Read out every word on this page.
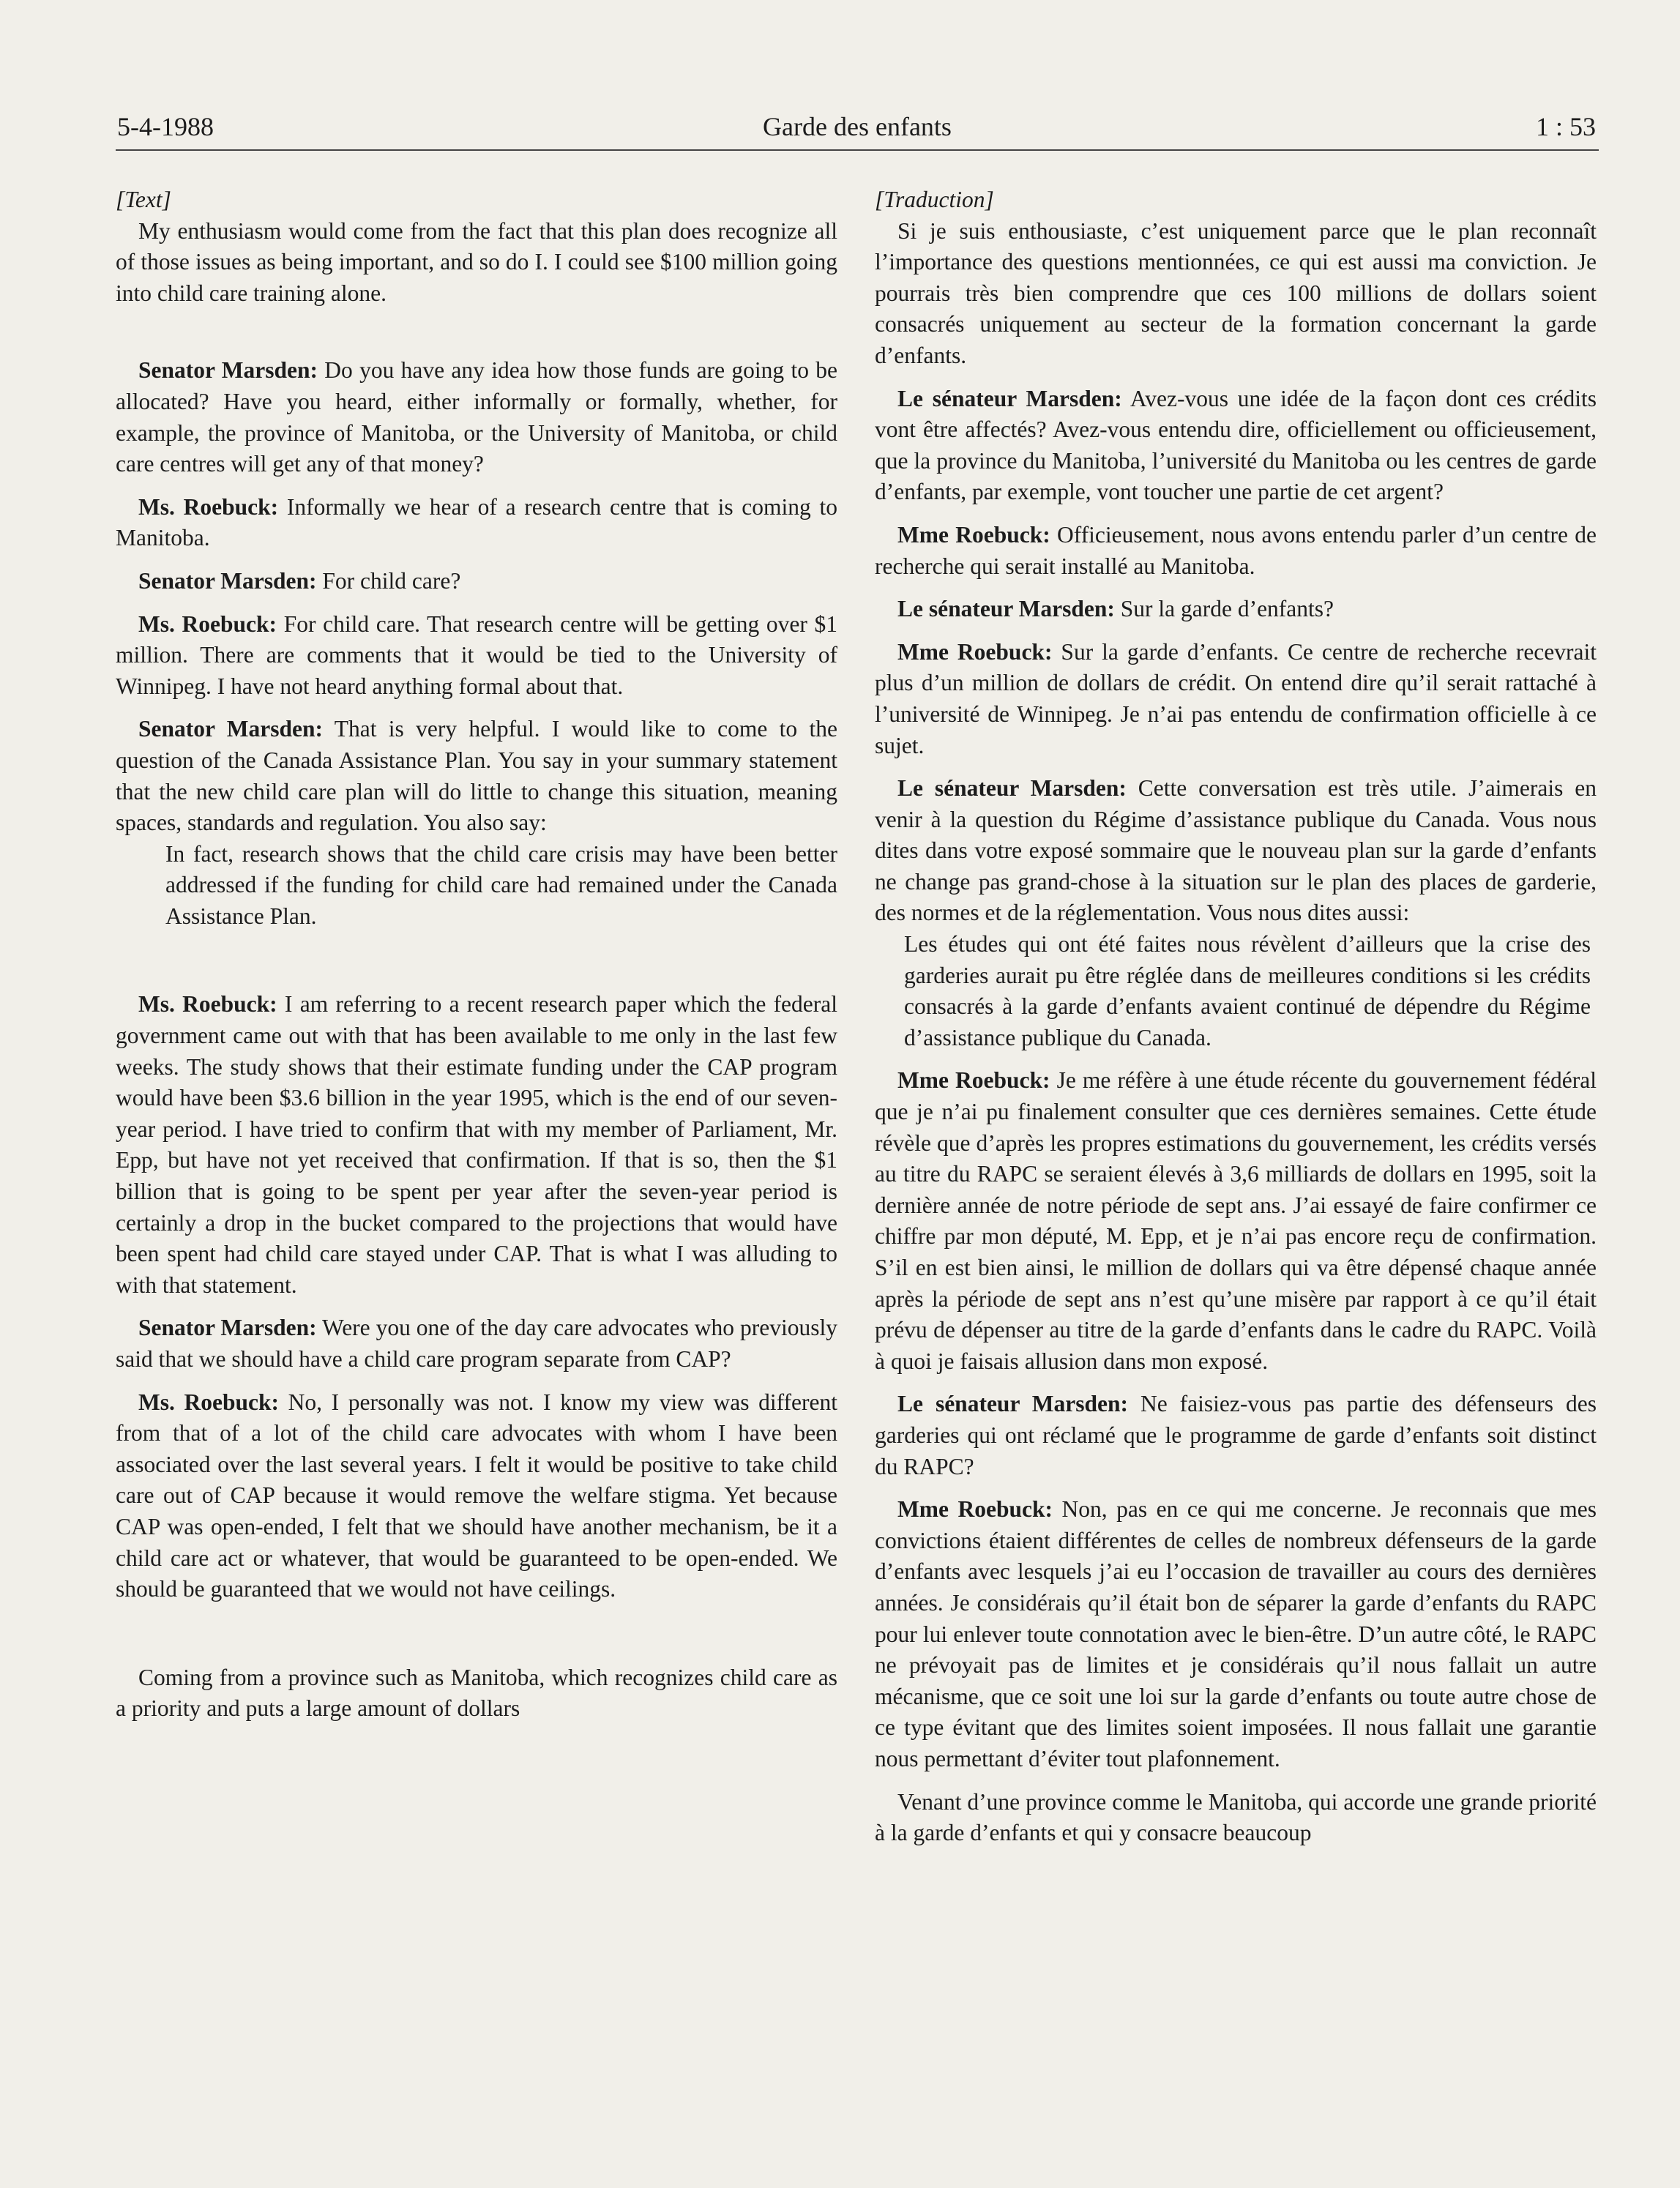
5-4-1988	Garde des enfants	1 : 53

[Text]

My enthusiasm would come from the fact that this plan does recognize all of those issues as being important, and so do I. I could see $100 million going into child care training alone.

Senator Marsden: Do you have any idea how those funds are going to be allocated? Have you heard, either informally or formally, whether, for example, the province of Manitoba, or the University of Manitoba, or child care centres will get any of that money?

Ms. Roebuck: Informally we hear of a research centre that is coming to Manitoba.

Senator Marsden: For child care?

Ms. Roebuck: For child care. That research centre will be getting over $1 million. There are comments that it would be tied to the University of Winnipeg. I have not heard anything formal about that.

Senator Marsden: That is very helpful. I would like to come to the question of the Canada Assistance Plan. You say in your summary statement that the new child care plan will do little to change this situation, meaning spaces, standards and regulation. You also say:

In fact, research shows that the child care crisis may have been better addressed if the funding for child care had remained under the Canada Assistance Plan.

Ms. Roebuck: I am referring to a recent research paper which the federal government came out with that has been available to me only in the last few weeks. The study shows that their estimate funding under the CAP program would have been $3.6 billion in the year 1995, which is the end of our seven-year period. I have tried to confirm that with my member of Parliament, Mr. Epp, but have not yet received that confirmation. If that is so, then the $1 billion that is going to be spent per year after the seven-year period is certainly a drop in the bucket compared to the projections that would have been spent had child care stayed under CAP. That is what I was alluding to with that statement.

Senator Marsden: Were you one of the day care advocates who previously said that we should have a child care program separate from CAP?

Ms. Roebuck: No, I personally was not. I know my view was different from that of a lot of the child care advocates with whom I have been associated over the last several years. I felt it would be positive to take child care out of CAP because it would remove the welfare stigma. Yet because CAP was open-ended, I felt that we should have another mechanism, be it a child care act or whatever, that would be guaranteed to be open-ended. We should be guaranteed that we would not have ceilings.

Coming from a province such as Manitoba, which recognizes child care as a priority and puts a large amount of dollars

[Traduction]

Si je suis enthousiaste, c’est uniquement parce que le plan reconnaît l’importance des questions mentionnées, ce qui est aussi ma conviction. Je pourrais très bien comprendre que ces 100 millions de dollars soient consacrés uniquement au secteur de la formation concernant la garde d’enfants.

Le sénateur Marsden: Avez-vous une idée de la façon dont ces crédits vont être affectés? Avez-vous entendu dire, officiellement ou officieusement, que la province du Manitoba, l’université du Manitoba ou les centres de garde d’enfants, par exemple, vont toucher une partie de cet argent?

Mme Roebuck: Officieusement, nous avons entendu parler d’un centre de recherche qui serait installé au Manitoba.

Le sénateur Marsden: Sur la garde d’enfants?

Mme Roebuck: Sur la garde d’enfants. Ce centre de recherche recevrait plus d’un million de dollars de crédit. On entend dire qu’il serait rattaché à l’université de Winnipeg. Je n’ai pas entendu de confirmation officielle à ce sujet.

Le sénateur Marsden: Cette conversation est très utile. J’aimerais en venir à la question du Régime d’assistance publique du Canada. Vous nous dites dans votre exposé sommaire que le nouveau plan sur la garde d’enfants ne change pas grand-chose à la situation sur le plan des places de garderie, des normes et de la réglementation. Vous nous dites aussi:

Les études qui ont été faites nous révèlent d’ailleurs que la crise des garderies aurait pu être réglée dans de meilleures conditions si les crédits consacrés à la garde d’enfants avaient continué de dépendre du Régime d’assistance publique du Canada.

Mme Roebuck: Je me réfère à une étude récente du gouvernement fédéral que je n’ai pu finalement consulter que ces dernières semaines. Cette étude révèle que d’après les propres estimations du gouvernement, les crédits versés au titre du RAPC se seraient élevés à 3,6 milliards de dollars en 1995, soit la dernière année de notre période de sept ans. J’ai essayé de faire confirmer ce chiffre par mon député, M. Epp, et je n’ai pas encore reçu de confirmation. S’il en est bien ainsi, le million de dollars qui va être dépensé chaque année après la période de sept ans n’est qu’une misère par rapport à ce qu’il était prévu de dépenser au titre de la garde d’enfants dans le cadre du RAPC. Voilà à quoi je faisais allusion dans mon exposé.

Le sénateur Marsden: Ne faisiez-vous pas partie des défenseurs des garderies qui ont réclamé que le programme de garde d’enfants soit distinct du RAPC?

Mme Roebuck: Non, pas en ce qui me concerne. Je reconnais que mes convictions étaient différentes de celles de nombreux défenseurs de la garde d’enfants avec lesquels j’ai eu l’occasion de travailler au cours des dernières années. Je considérais qu’il était bon de séparer la garde d’enfants du RAPC pour lui enlever toute connotation avec le bien-être. D’un autre côté, le RAPC ne prévoyait pas de limites et je considérais qu’il nous fallait un autre mécanisme, que ce soit une loi sur la garde d’enfants ou toute autre chose de ce type évitant que des limites soient imposées. Il nous fallait une garantie nous permettant d’éviter tout plafonnement.

Venant d’une province comme le Manitoba, qui accorde une grande priorité à la garde d’enfants et qui y consacre beaucoup
